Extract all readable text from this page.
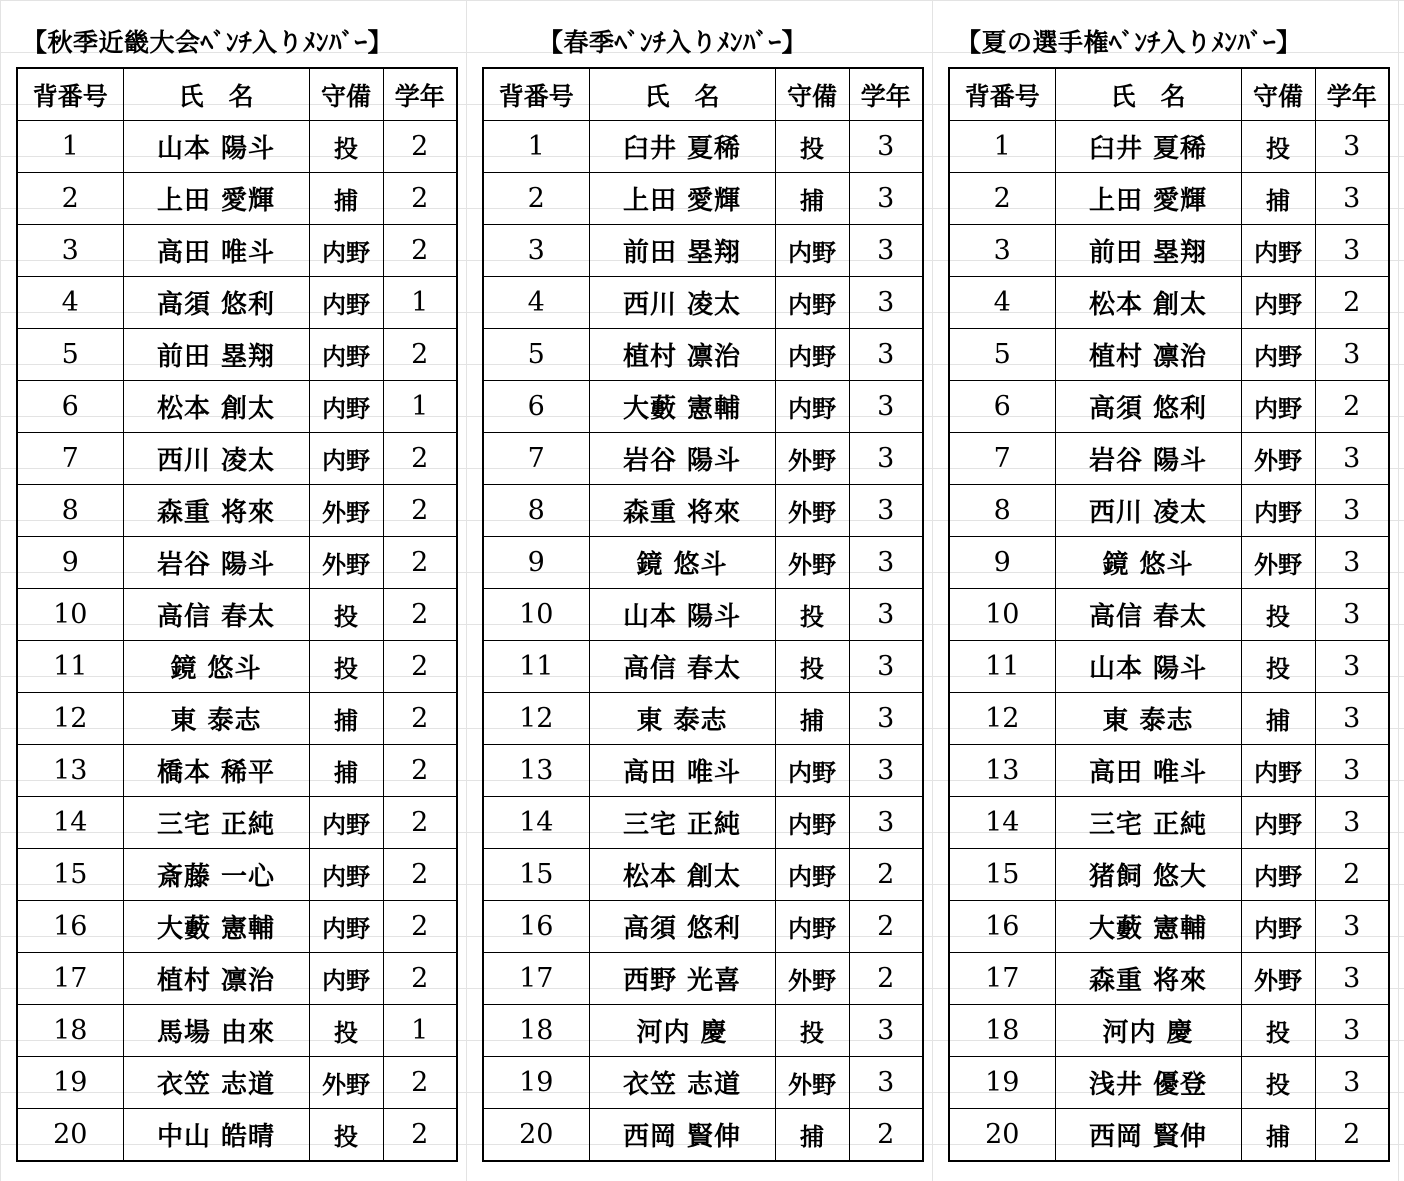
【秋季近畿大会ﾍﾞﾝﾁ入りﾒﾝﾊﾞｰ】
背番号	氏　名	守備	学年
1	山本 陽斗	投	2
2	上田 愛輝	捕	2
3	高田 唯斗	内野	2
4	高須 悠利	内野	1
5	前田 塁翔	内野	2
6	松本 創太	内野	1
7	西川 凌太	内野	2
8	森重 将來	外野	2
9	岩谷 陽斗	外野	2
10	高信 春太	投	2
11	鏡 悠斗	投	2
12	東 泰志	捕	2
13	橋本 稀平	捕	2
14	三宅 正純	内野	2
15	斎藤 一心	内野	2
16	大藪 憲輔	内野	2
17	植村 凛治	内野	2
18	馬場 由來	投	1
19	衣笠 志道	外野	2
20	中山 皓晴	投	2
【春季ﾍﾞﾝﾁ入りﾒﾝﾊﾞｰ】
背番号	氏　名	守備	学年
1	臼井 夏稀	投	3
2	上田 愛輝	捕	3
3	前田 塁翔	内野	3
4	西川 凌太	内野	3
5	植村 凛治	内野	3
6	大藪 憲輔	内野	3
7	岩谷 陽斗	外野	3
8	森重 将來	外野	3
9	鏡 悠斗	外野	3
10	山本 陽斗	投	3
11	高信 春太	投	3
12	東 泰志	捕	3
13	高田 唯斗	内野	3
14	三宅 正純	内野	3
15	松本 創太	内野	2
16	高須 悠利	内野	2
17	西野 光喜	外野	2
18	河内 慶	投	3
19	衣笠 志道	外野	3
20	西岡 賢伸	捕	2
【夏の選手権ﾍﾞﾝﾁ入りﾒﾝﾊﾞｰ】
背番号	氏　名	守備	学年
1	臼井 夏稀	投	3
2	上田 愛輝	捕	3
3	前田 塁翔	内野	3
4	松本 創太	内野	2
5	植村 凛治	内野	3
6	高須 悠利	内野	2
7	岩谷 陽斗	外野	3
8	西川 凌太	内野	3
9	鏡 悠斗	外野	3
10	高信 春太	投	3
11	山本 陽斗	投	3
12	東 泰志	捕	3
13	高田 唯斗	内野	3
14	三宅 正純	内野	3
15	猪飼 悠大	内野	2
16	大藪 憲輔	内野	3
17	森重 将來	外野	3
18	河内 慶	投	3
19	浅井 優登	投	3
20	西岡 賢伸	捕	2
